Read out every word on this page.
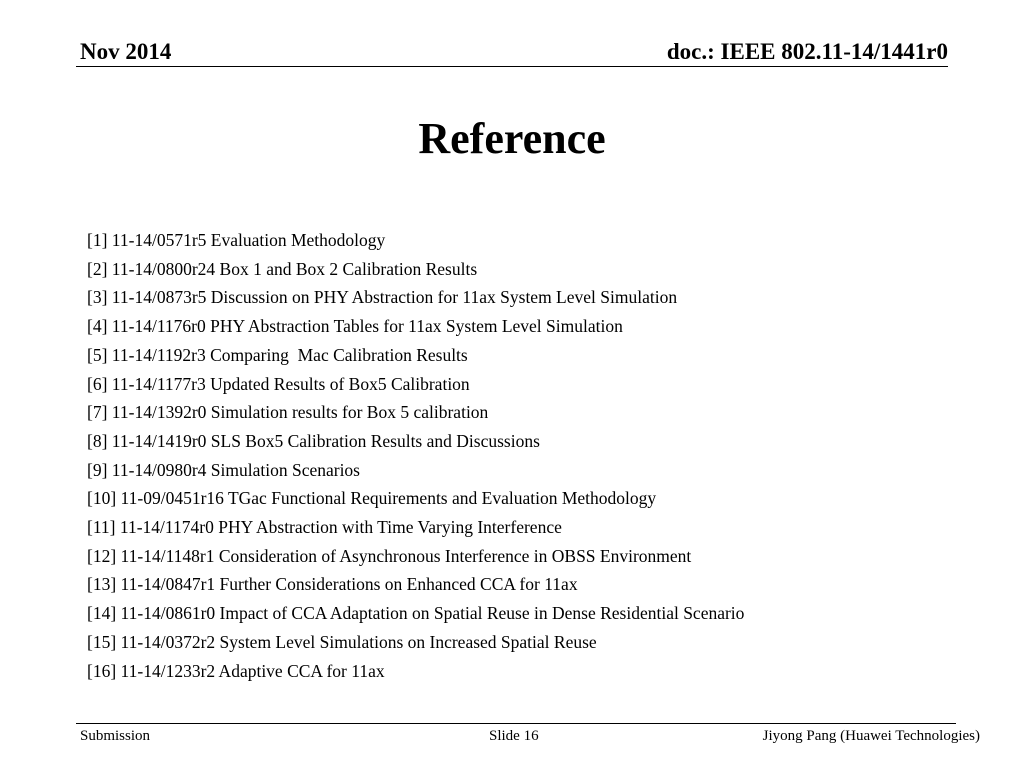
Nov 2014	doc.: IEEE 802.11-14/1441r0
Reference
[1] 11-14/0571r5 Evaluation Methodology
[2] 11-14/0800r24 Box 1 and Box 2 Calibration Results
[3] 11-14/0873r5 Discussion on PHY Abstraction for 11ax System Level Simulation
[4] 11-14/1176r0 PHY Abstraction Tables for 11ax System Level Simulation
[5] 11-14/1192r3 Comparing  Mac Calibration Results
[6] 11-14/1177r3 Updated Results of Box5 Calibration
[7] 11-14/1392r0 Simulation results for Box 5 calibration
[8] 11-14/1419r0 SLS Box5 Calibration Results and Discussions
[9] 11-14/0980r4 Simulation Scenarios
[10] 11-09/0451r16 TGac Functional Requirements and Evaluation Methodology
[11] 11-14/1174r0 PHY Abstraction with Time Varying Interference
[12] 11-14/1148r1 Consideration of Asynchronous Interference in OBSS Environment
[13] 11-14/0847r1 Further Considerations on Enhanced CCA for 11ax
[14] 11-14/0861r0 Impact of CCA Adaptation on Spatial Reuse in Dense Residential Scenario
[15] 11-14/0372r2 System Level Simulations on Increased Spatial Reuse
[16] 11-14/1233r2 Adaptive CCA for 11ax
Submission	Slide 16	Jiyong Pang (Huawei Technologies)
